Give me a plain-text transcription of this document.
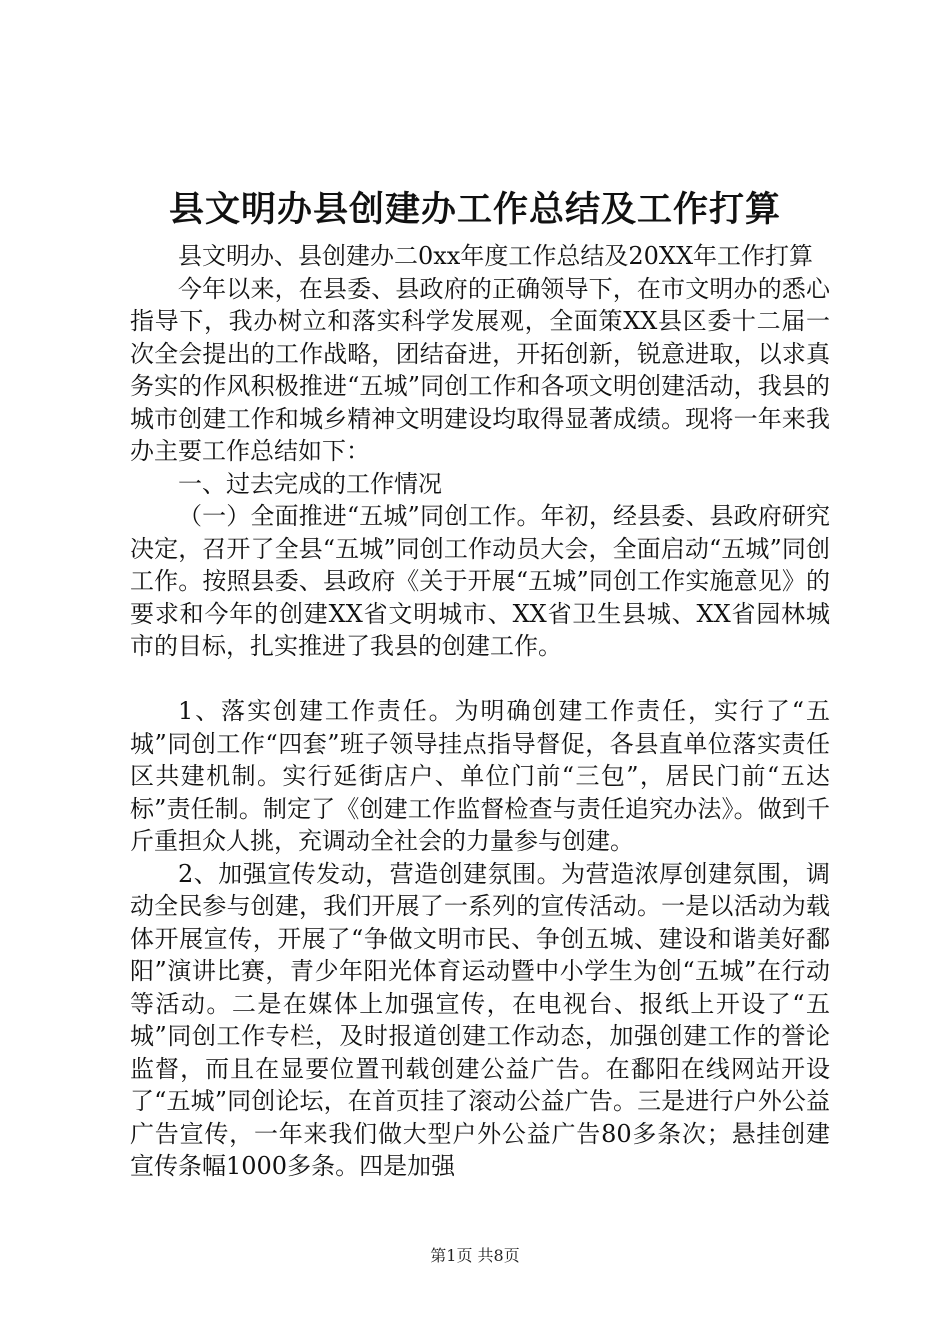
县文明办县创建办工作总结及工作打算

县文明办、县创建办二0xx年度工作总结及20XX年工作打算

今年以来，在县委、县政府的正确领导下，在市文明办的悉心指导下，我办树立和落实科学发展观，全面策XX县区委十二届一次全会提出的工作战略，团结奋进，开拓创新，锐意进取，以求真务实的作风积极推进“五城”同创工作和各项文明创建活动，我县的城市创建工作和城乡精神文明建设均取得显著成绩。现将一年来我办主要工作总结如下：

一、过去完成的工作情况

（一）全面推进“五城”同创工作。年初，经县委、县政府研究决定，召开了全县“五城”同创工作动员大会，全面启动“五城”同创工作。按照县委、县政府《关于开展“五城”同创工作实施意见》的要求和今年的创建XX省文明城市、XX省卫生县城、XX省园林城市的目标，扎实推进了我县的创建工作。

1、落实创建工作责任。为明确创建工作责任，实行了“五城”同创工作“四套”班子领导挂点指导督促，各县直单位落实责任区共建机制。实行延街店户、单位门前“三包”，居民门前“五达标”责任制。制定了《创建工作监督检查与责任追究办法》。做到千斤重担众人挑，充调动全社会的力量参与创建。

2、加强宣传发动，营造创建氛围。为营造浓厚创建氛围，调动全民参与创建，我们开展了一系列的宣传活动。一是以活动为载体开展宣传，开展了“争做文明市民、争创五城、建设和谐美好鄱阳”演讲比赛，青少年阳光体育运动暨中小学生为创“五城”在行动等活动。二是在媒体上加强宣传，在电视台、报纸上开设了“五城”同创工作专栏，及时报道创建工作动态，加强创建工作的誉论监督，而且在显要位置刊载创建公益广告。在鄱阳在线网站开设了“五城”同创论坛，在首页挂了滚动公益广告。三是进行户外公益广告宣传，一年来我们做大型户外公益广告80多条次；悬挂创建宣传条幅1000多条。四是加强

第1页 共8页
